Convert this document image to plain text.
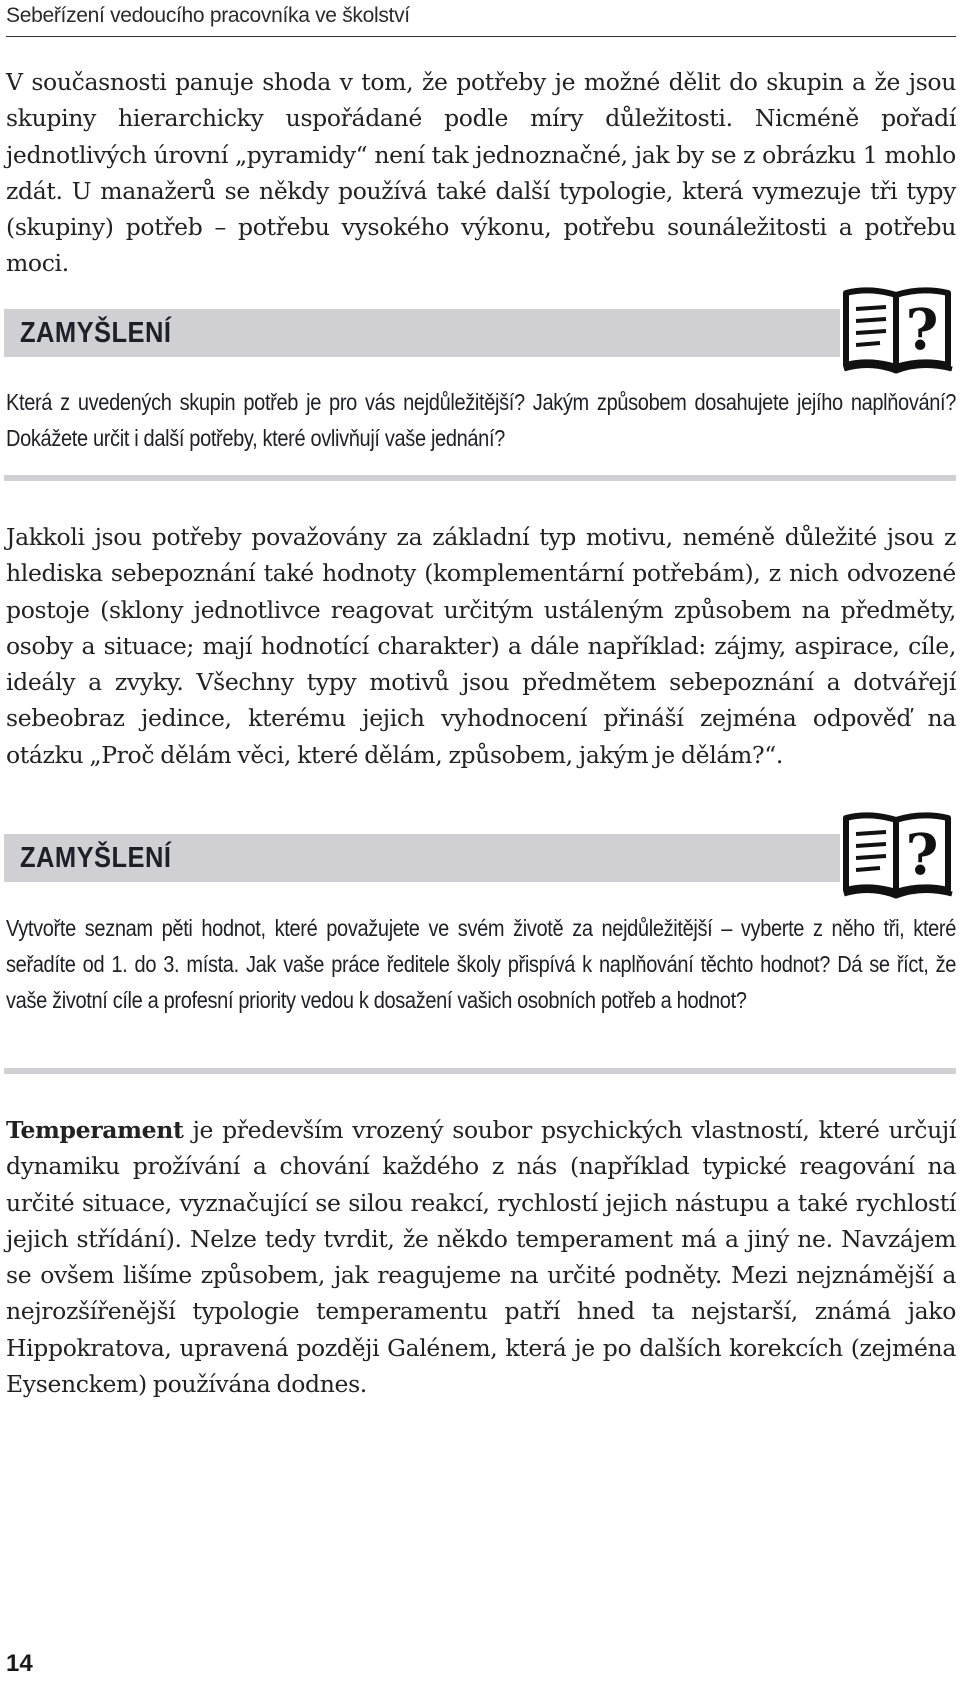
Sebeřízení vedoucího pracovníka ve školství

V současnosti panuje shoda v tom, že potřeby je možné dělit do skupin a že jsou skupiny hierarchicky uspořádané podle míry důležitosti. Nicméně pořadí jednotlivých úrovní „pyramidy“ není tak jednoznačné, jak by se z obrázku 1 mohlo zdát. U manažerů se někdy používá také další typologie, která vymezuje tři typy (skupiny) potřeb – potřebu vysokého výkonu, potřebu sounáležitosti a potřebu moci.

ZAMYŠLENÍ	?
Která z uvedených skupin potřeb je pro vás nejdůležitější? Jakým způsobem dosahujete jejího naplňování? Dokážete určit i další potřeby, které ovlivňují vaše jednání?

Jakkoli jsou potřeby považovány za základní typ motivu, neméně důležité jsou z hlediska sebepoznání také hodnoty (komplementární potřebám), z nich odvozené postoje (sklony jednotlivce reagovat určitým ustáleným způsobem na předměty, osoby a situace; mají hodnotící charakter) a dále například: zájmy, aspirace, cíle, ideály a zvyky. Všechny typy motivů jsou předmětem sebepoznání a dotvářejí sebeobraz jedince, kterému jejich vyhodnocení přináší zejména odpověď na otázku „Proč dělám věci, které dělám, způsobem, jakým je dělám?“.

ZAMYŠLENÍ	?
Vytvořte seznam pěti hodnot, které považujete ve svém životě za nejdůležitější – vyberte z něho tři, které seřadíte od 1. do 3. místa. Jak vaše práce ředitele školy přispívá k naplňování těchto hodnot? Dá se říct, že vaše životní cíle a profesní priority vedou k dosažení vašich osobních potřeb a hodnot?

Temperament je především vrozený soubor psychických vlastností, které určují dynamiku prožívání a chování každého z nás (například typické reagování na určité situace, vyznačující se silou reakcí, rychlostí jejich nástupu a také rychlostí jejich střídání). Nelze tedy tvrdit, že někdo temperament má a jiný ne. Navzájem se ovšem lišíme způsobem, jak reagujeme na určité podněty. Mezi nejznámější a nejrozšířenější typologie temperamentu patří hned ta nejstarší, známá jako Hippokratova, upravená později Galénem, která je po dalších korekcích (zejména Eysenckem) používána dodnes.

14
